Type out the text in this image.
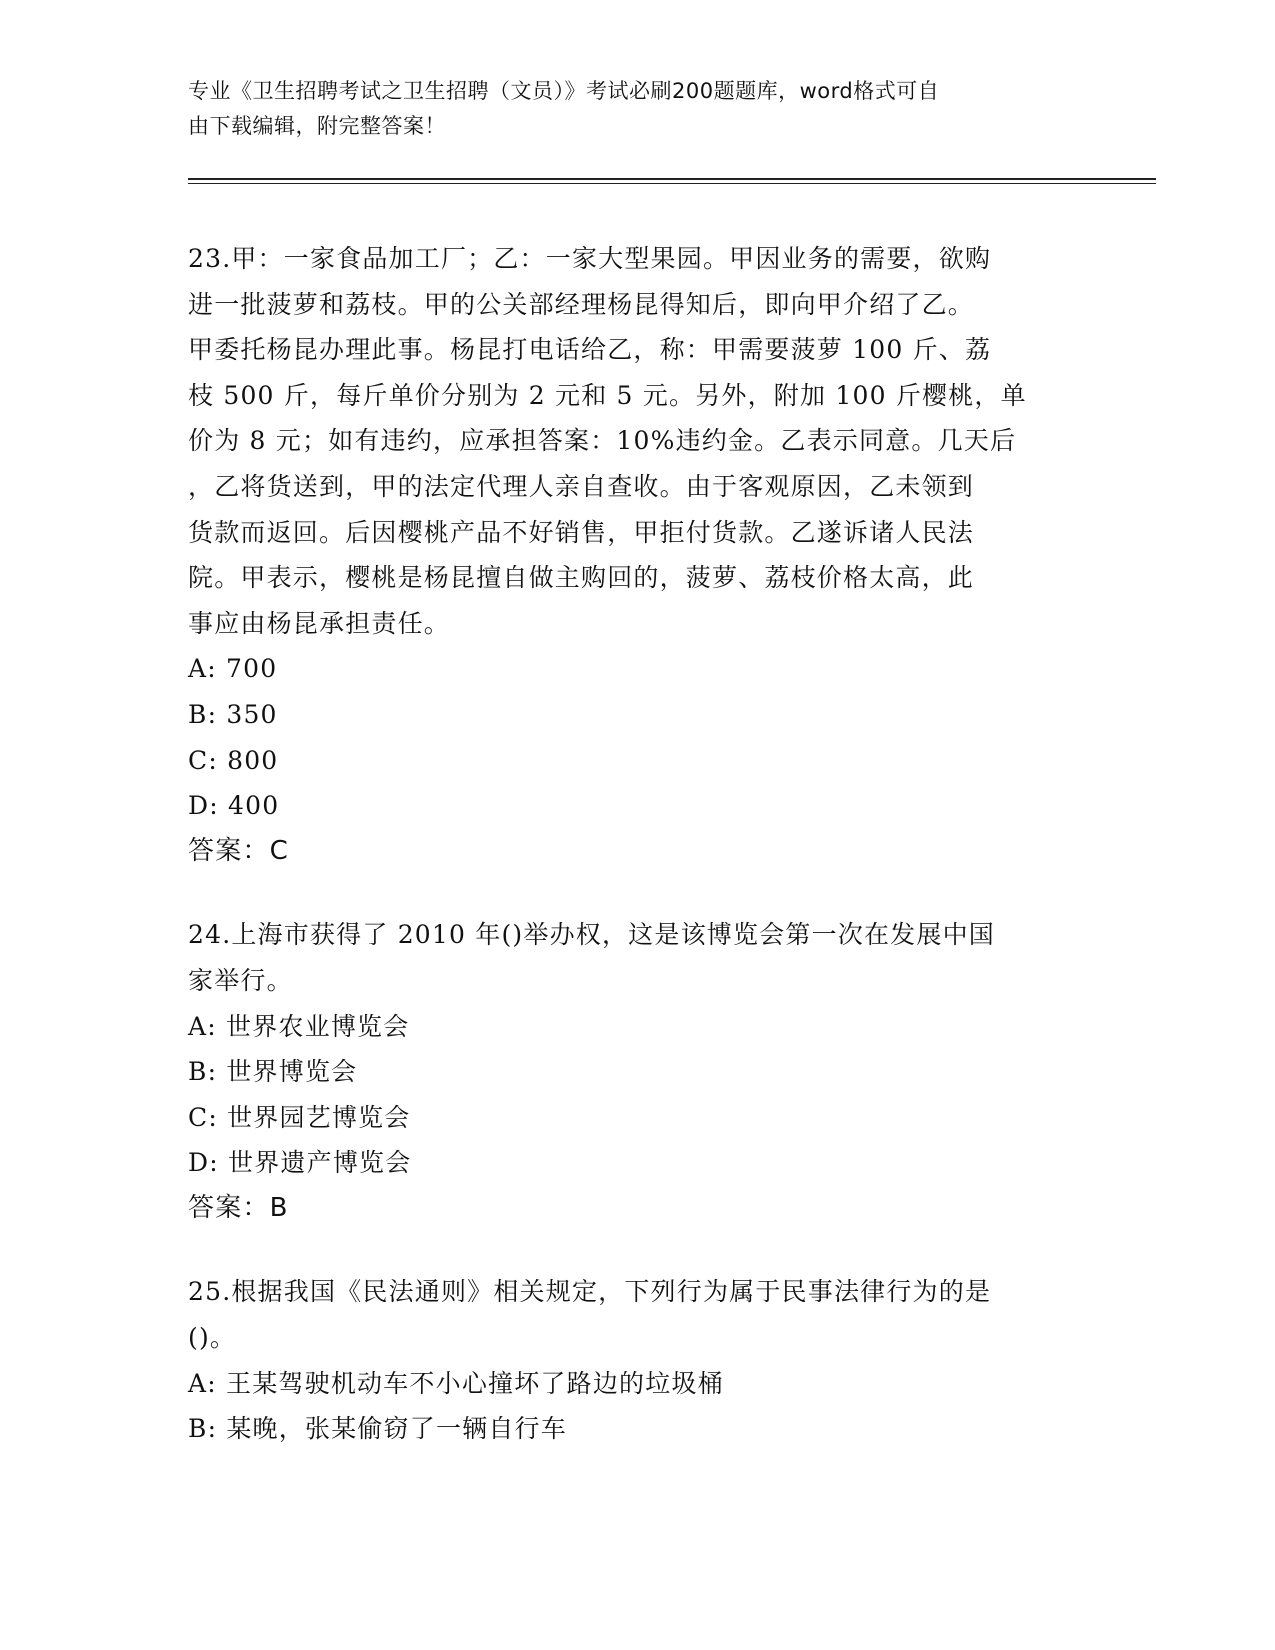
专业《卫生招聘考试之卫生招聘（文员）》考试必刷200题题库，word格式可自
由下载编辑，附完整答案！
23.甲：一家食品加工厂；乙：一家大型果园。甲因业务的需要，欲购
进一批菠萝和荔枝。甲的公关部经理杨昆得知后，即向甲介绍了乙。
甲委托杨昆办理此事。杨昆打电话给乙，称：甲需要菠萝 100 斤、荔
枝 500 斤，每斤单价分别为 2 元和 5 元。另外，附加 100 斤樱桃，单
价为 8 元；如有违约，应承担答案：10%违约金。乙表示同意。几天后
，乙将货送到，甲的法定代理人亲自查收。由于客观原因，乙未领到
货款而返回。后因樱桃产品不好销售，甲拒付货款。乙遂诉诸人民法
院。甲表示，樱桃是杨昆擅自做主购回的，菠萝、荔枝价格太高，此
事应由杨昆承担责任。
A: 700
B: 350
C: 800
D: 400
答案：C
24.上海市获得了 2010 年()举办权，这是该博览会第一次在发展中国
家举行。
A: 世界农业博览会
B: 世界博览会
C: 世界园艺博览会
D: 世界遗产博览会
答案：B
25.根据我国《民法通则》相关规定，下列行为属于民事法律行为的是
()。
A: 王某驾驶机动车不小心撞坏了路边的垃圾桶
B: 某晚，张某偷窃了一辆自行车
